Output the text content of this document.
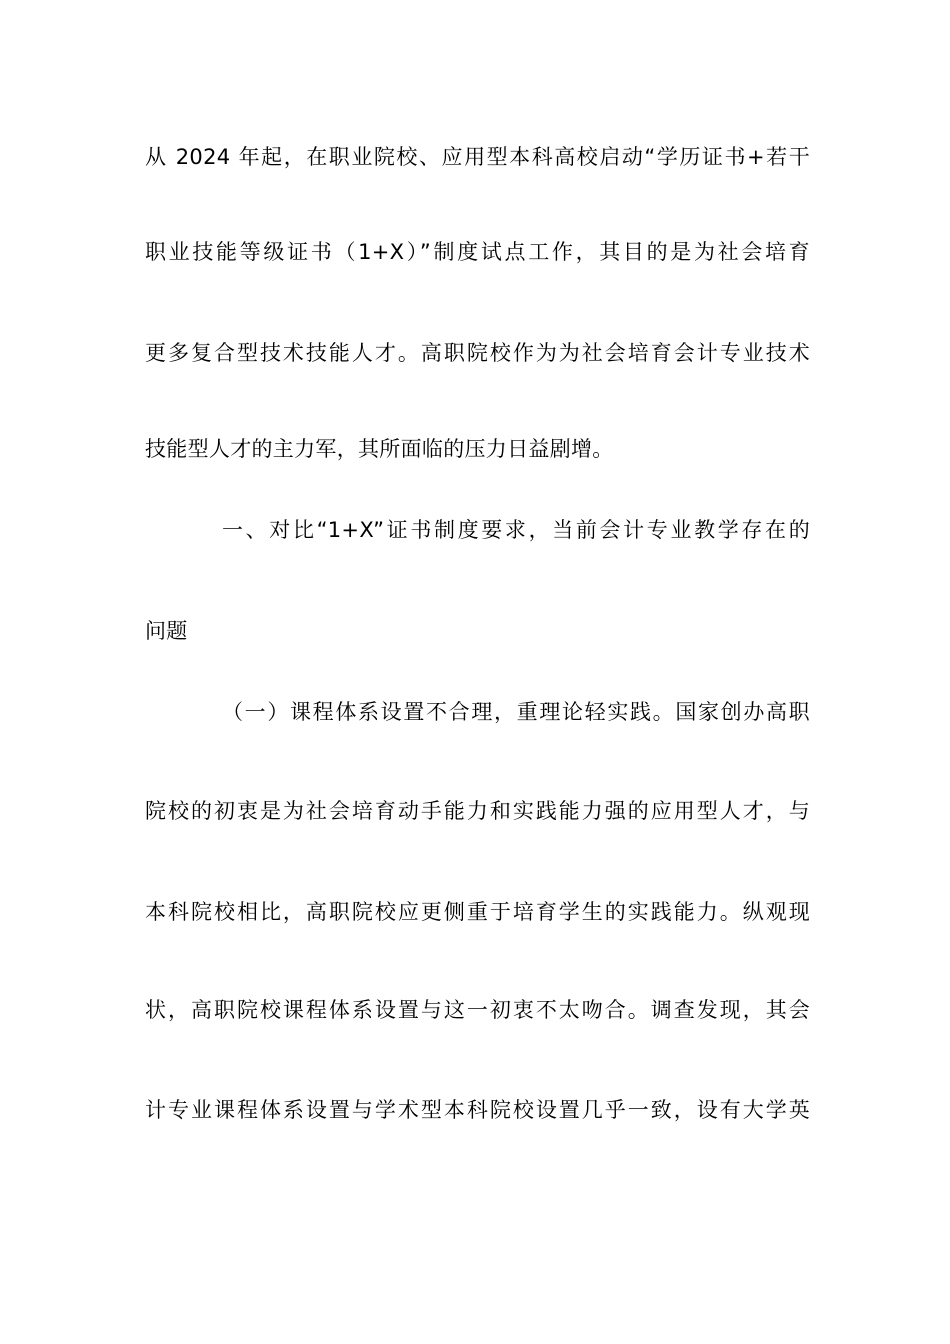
从 2024 年起，在职业院校、应用型本科高校启动“学历证书+若干
职业技能等级证书（1+X）”制度试点工作，其目的是为社会培育
更多复合型技术技能人才。高职院校作为为社会培育会计专业技术
技能型人才的主力军，其所面临的压力日益剧增。
一、对比“1+X”证书制度要求，当前会计专业教学存在的
问题
（一）课程体系设置不合理，重理论轻实践。国家创办高职
院校的初衷是为社会培育动手能力和实践能力强的应用型人才，与
本科院校相比，高职院校应更侧重于培育学生的实践能力。纵观现
状，高职院校课程体系设置与这一初衷不太吻合。调查发现，其会
计专业课程体系设置与学术型本科院校设置几乎一致，设有大学英
